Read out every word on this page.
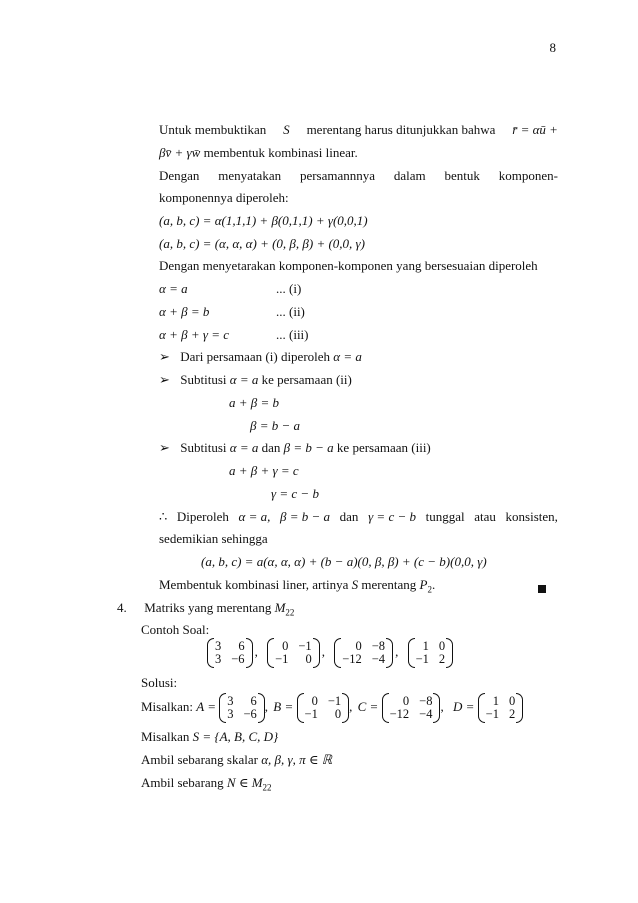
8
Untuk membuktikan S merentang harus ditunjukkan bahwa r̄ = αū +
βv̄ + γw̄ membentuk kombinasi linear.
Dengan menyatakan persamannnya dalam bentuk komponen-
komponennya diperoleh:
(a, b, c) = α(1,1,1) + β(0,1,1) + γ(0,0,1)
(a, b, c) = (α, α, α) + (0, β, β) + (0,0, γ)
Dengan menyetarakan komponen-komponen yang bersesuaian diperoleh
α = a	... (i)
α + β = b	... (ii)
α + β + γ = c	... (iii)
➢ Dari persamaan (i) diperoleh α = a
➢ Subtitusi α = a ke persamaan (ii)
a + β = b
β = b − a
➢ Subtitusi α = a dan β = b − a ke persamaan (iii)
a + β + γ = c
γ = c − b
∴ Diperoleh α = a, β = b − a dan γ = c − b tunggal atau konsisten,
sedemikian sehingga
(a, b, c) = a(α, α, α) + (b − a)(0, β, β) + (c − b)(0,0, γ)
Membentuk kombinasi liner, artinya S merentang $P_2$.
4. Matriks yang merentang $M_{22}$
Contoh Soal:
3	6
3 −6
,	0 −1
−1	0
,	0 −8
−12 −4
,	1 0
−1 2
Solusi:
Misalkan: A = 3	6
3 −6
, B =	0 −1
−1	0
, C =	0 −8
−12 −4
, D =	1 0
−1 2
Misalkan S = {A, B, C, D}
Ambil sebarang skalar α, β, γ, π ∈ ℝ
Ambil sebarang N ∈ $M_{22}$
